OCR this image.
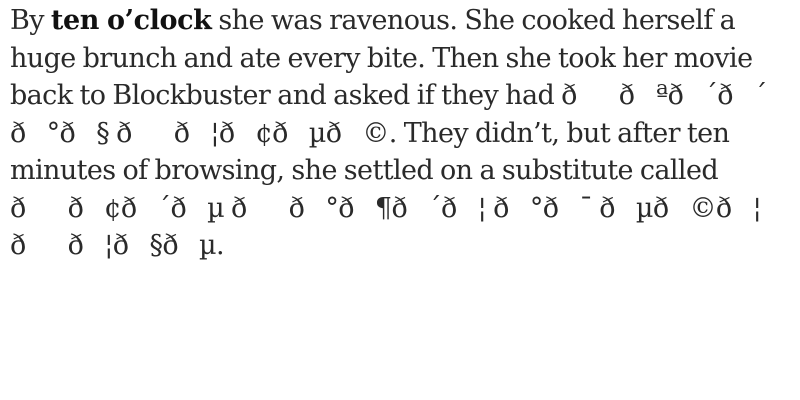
By ten o’clock she was ravenous. She cooked herself a huge brunch and ate every bite. Then she took her movie back to Blockbuster and asked if they had ððªð´ð´ ð°ð§ ðð¦ð¢ðµð©. They didn’t, but after ten minutes of browsing, she settled on a substitute called ðð¢ð´ðµ ðð°ð¶ð´ð¦ ð°ð¯ ðµð©ð¦ ðð¦ð§ðµ.
